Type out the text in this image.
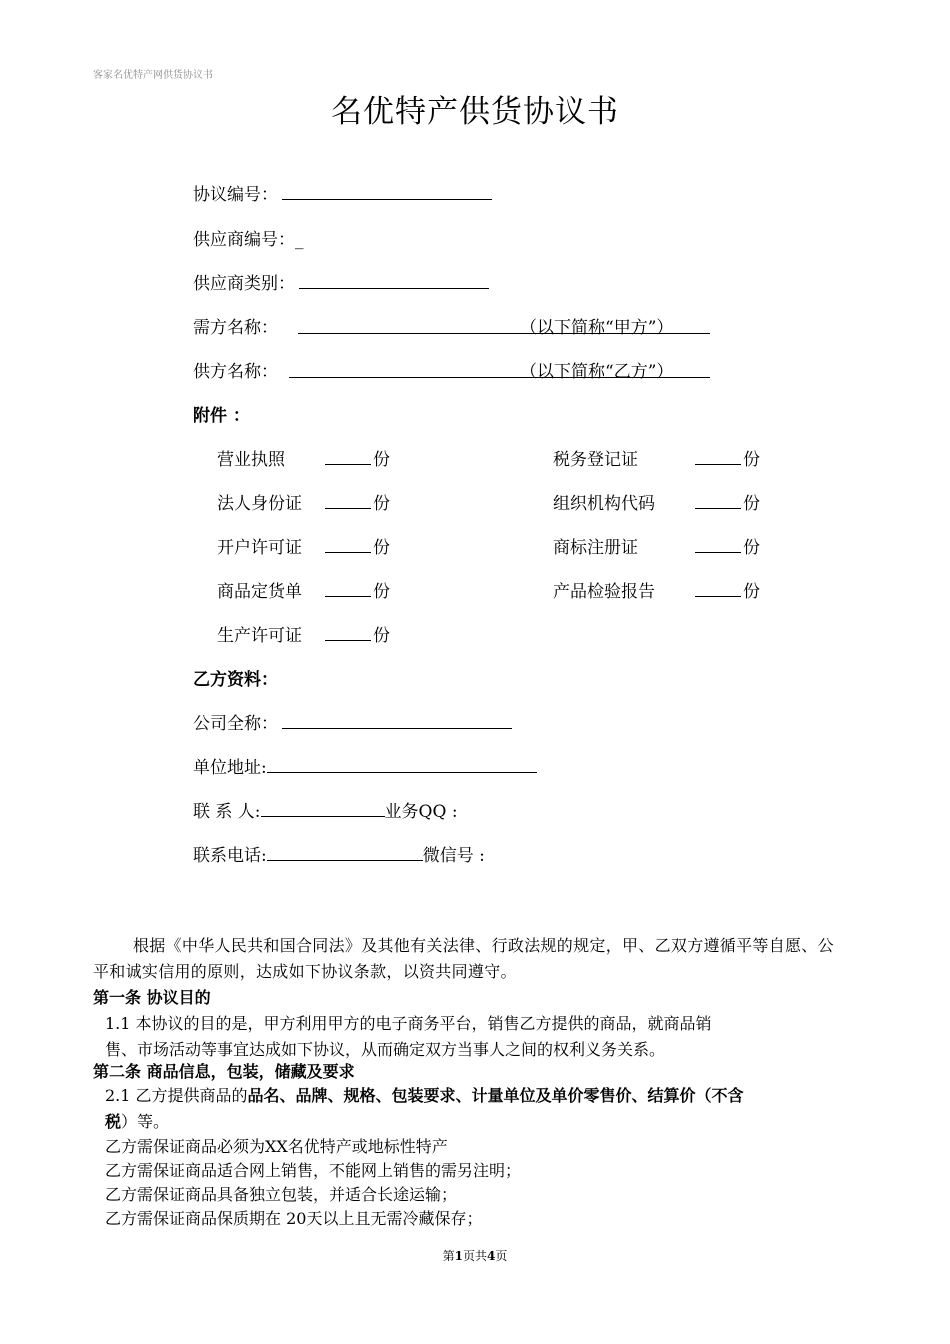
客家名优特产网供货协议书
名优特产供货协议书
协议编号：
供应商编号：_
供应商类别：
需方名称：	（以下简称“甲方”）
供方名称：	（以下简称“乙方”）
附件 ：
营业执照	份	税务登记证	份
法人身份证	份	组织机构代码	份
开户许可证	份	商标注册证	份
商品定货单	份	产品检验报告	份
生产许可证	份
乙方资料：
公司全称：
单位地址:
联 系 人:	业务QQ :
联系电话:	微信号 :
根据《中华人民共和国合同法》及其他有关法律、行政法规的规定，甲、乙双方遵循平等自愿、公平和诚实信用的原则，达成如下协议条款，以资共同遵守。
第一条 协议目的
1.1 本协议的目的是，甲方利用甲方的电子商务平台，销售乙方提供的商品，就商品销
售、市场活动等事宜达成如下协议，从而确定双方当事人之间的权利义务关系。
第二条 商品信息，包装，储藏及要求
2.1 乙方提供商品的品名、品牌、规格、包装要求、计量单位及单价零售价、结算价（不含
税）等。
乙方需保证商品必须为XX名优特产或地标性特产
乙方需保证商品适合网上销售，不能网上销售的需另注明；
乙方需保证商品具备独立包装，并适合长途运输；
乙方需保证商品保质期在 20天以上且无需冷藏保存；
第1页共4页
